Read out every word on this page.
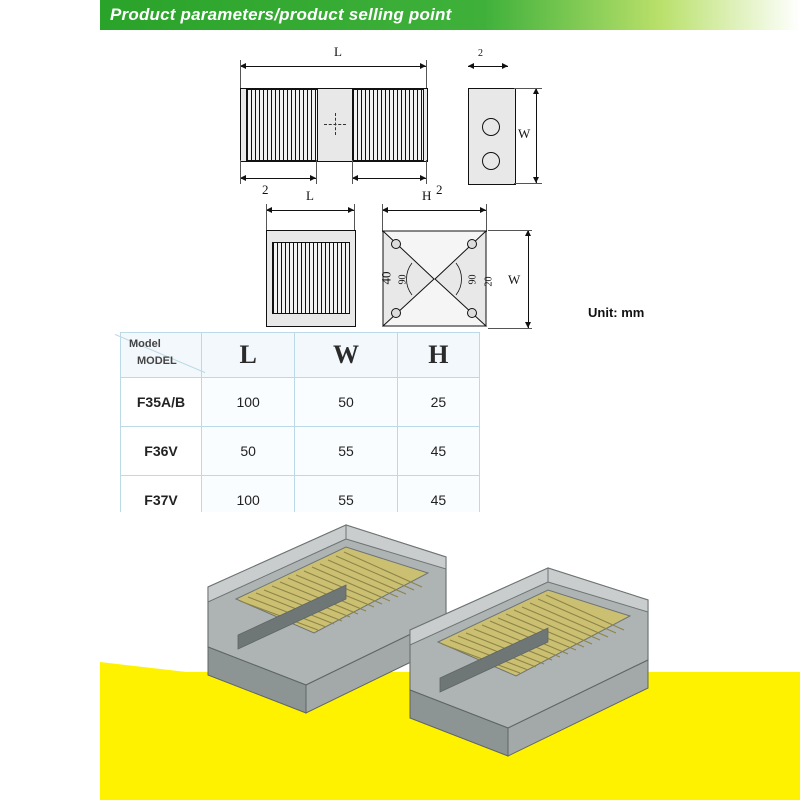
Product parameters/product selling point
L
2	2
2
W
L	H
90	90
40	20 W
Unit: mm
Model
MODEL	L	W	H
F35A/B	100	50	25
F36V	50	55	45
F37V	100	55	45
